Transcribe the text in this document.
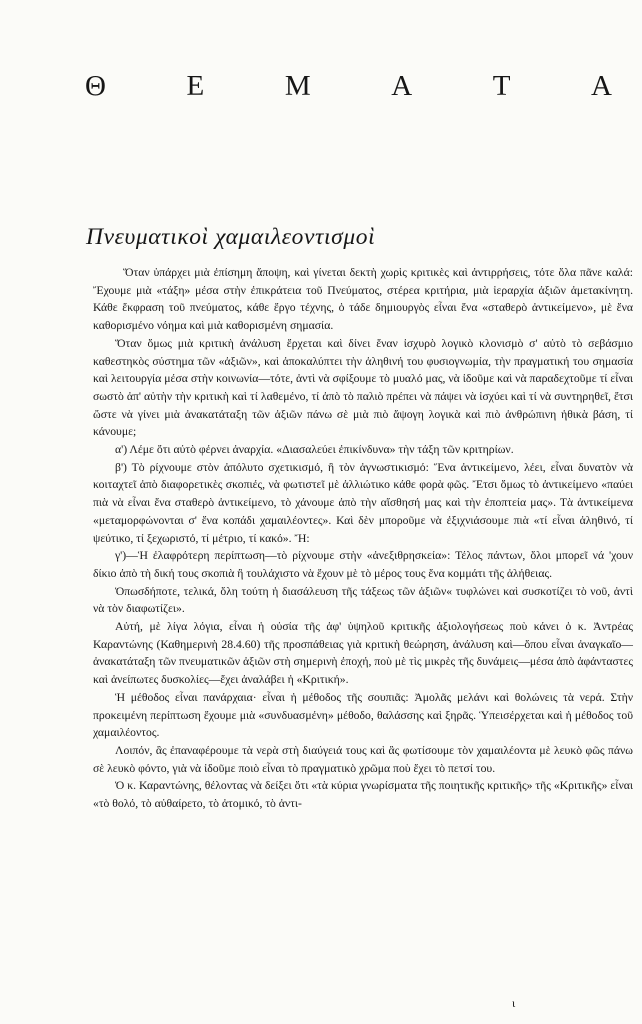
Θ	Ε	Μ	Α	Τ	Α
Πνευματικοὶ χαμαιλεοντισμοὶ

Ὅταν ὑπάρχει μιὰ ἐπίσημη ἄποψη, καὶ γίνεται δεκτὴ χωρὶς κριτικὲς καὶ ἀντιρρήσεις, τότε ὅλα πᾶνε καλά: Ἔχουμε μιὰ «τάξη» μέσα στὴν ἐπικράτεια τοῦ Πνεύματος, στέρεα κριτήρια, μιὰ ἱεραρχία ἀξιῶν ἀμετακίνητη. Κάθε ἔκφραση τοῦ πνεύματος, κάθε ἔργο τέχνης, ὁ τάδε δημιουργὸς εἶναι ἕνα «σταθερὸ ἀντικείμενο», μὲ ἕνα καθορισμένο νόημα καὶ μιὰ καθορισμένη σημασία.

Ὅταν ὅμως μιὰ κριτικὴ ἀνάλυση ἔρχεται καὶ δίνει ἕναν ἰσχυρὸ λογικὸ κλονισμὸ σ' αὐτὸ τὸ σεβάσμιο καθεστηκὸς σύστημα τῶν «ἀξιῶν», καὶ ἀποκαλύπτει τὴν ἀληθινή του φυσιογνωμία, τὴν πραγματική του σημασία καὶ λειτουργία μέσα στὴν κοινωνία—τότε, ἀντὶ νὰ σφίξουμε τὸ μυαλό μας, νὰ ἰδοῦμε καὶ νὰ παραδεχτοῦμε τί εἶναι σωστὸ ἀπ' αὐτὴν τὴν κριτικὴ καὶ τί λαθεμένο, τί ἀπὸ τὸ παλιὸ πρέπει νὰ πάψει νὰ ἰσχύει καὶ τί νὰ συντηρηθεῖ, ἔτσι ὥστε νὰ γίνει μιὰ ἀνακατάταξη τῶν ἀξιῶν πάνω σὲ μιὰ πιὸ ἄψογη λογικὰ καὶ πιὸ ἀνθρώπινη ἠθικὰ βάση, τί κάνουμε;

α') Λέμε ὅτι αὐτὸ φέρνει ἀναρχία. «Διασαλεύει ἐπικίνδυνα» τὴν τάξη τῶν κριτηρίων.

β') Τὸ ρίχνουμε στὸν ἀπόλυτο σχετικισμό, ἢ τὸν ἀγνωστικισμό: Ἕνα ἀντικείμενο, λέει, εἶναι δυνατὸν νὰ κοιταχτεῖ ἀπὸ διαφορετικὲς σκοπιές, νὰ φωτιστεῖ μὲ ἀλλιώτικο κάθε φορὰ φῶς. Ἔτσι ὅμως τὸ ἀντικείμενο «παύει πιὰ νὰ εἶναι ἕνα σταθερὸ ἀντικείμενο, τὸ χάνουμε ἀπὸ τὴν αἴσθησή μας καὶ τὴν ἐποπτεία μας». Τὰ ἀντικείμενα «μεταμορφώνονται σ' ἕνα κοπάδι χαμαιλέοντες». Καὶ δὲν μποροῦμε νὰ ἐξιχνιάσουμε πιὰ «τί εἶναι ἀληθινό, τί ψεύτικο, τί ξεχωριστό, τί μέτριο, τί κακό». Ἤ:

γ')—Ἡ ἐλαφρότερη περίπτωση—τὸ ρίχνουμε στὴν «ἀνεξιθρησκεία»: Τέλος πάντων, ὅλοι μπορεῖ νά 'χουν δίκιο ἀπὸ τὴ δική τους σκοπιὰ ἢ τουλάχιστο νὰ ἔχουν μὲ τὸ μέρος τους ἕνα κομμάτι τῆς ἀλήθειας.

Ὁπωσδήποτε, τελικά, ὅλη τούτη ἡ διασάλευση τῆς τάξεως τῶν ἀξιῶν« τυφλώνει καὶ συσκοτίζει τὸ νοῦ, ἀντὶ νὰ τὸν διαφωτίζει».

Αὐτή, μὲ λίγα λόγια, εἶναι ἡ οὐσία τῆς ἀφ' ὑψηλοῦ κριτικῆς ἀξιολογήσεως ποὺ κάνει ὁ κ. Ἀντρέας Καραντώνης (Καθημερινὴ 28.4.60) τῆς προσπάθειας γιὰ κριτικὴ θεώρηση, ἀνάλυση καὶ—ὅπου εἶναι ἀναγκαῖο—ἀνακατάταξη τῶν πνευματικῶν ἀξιῶν στὴ σημερινὴ ἐποχή, ποὺ μὲ τὶς μικρὲς τῆς δυνάμεις—μέσα ἀπὸ ἀφάνταστες καὶ ἀνείπωτες δυσκολίες—ἔχει ἀναλάβει ἡ «Κριτική».

Ἡ μέθοδος εἶναι πανάρχαια· εἶναι ἡ μέθοδος τῆς σουπιᾶς: Ἀμολᾶς μελάνι καὶ θολώνεις τὰ νερά. Στὴν προκειμένη περίπτωση ἔχουμε μιὰ «συνδυασμένη» μέθοδο, θαλάσσης καὶ ξηρᾶς. Ὑπεισέρχεται καὶ ἡ μέθοδος τοῦ χαμαιλέοντος.

Λοιπόν, ἂς ἐπαναφέρουμε τὰ νερὰ στὴ διαύγειά τους καὶ ἂς φωτίσουμε τὸν χαμαιλέοντα μὲ λευκὸ φῶς πάνω σὲ λευκὸ φόντο, γιὰ νὰ ἰδοῦμε ποιὸ εἶναι τὸ πραγματικὸ χρῶμα ποὺ ἔχει τὸ πετσί του.

Ὁ κ. Καραντώνης, θέλοντας νὰ δείξει ὅτι «τὰ κύρια γνωρίσματα τῆς ποιητικῆς κριτικῆς» τῆς «Κριτικῆς» εἶναι «τὸ θολό, τὸ αὐθαίρετο, τὸ ἀτομικό, τὸ ἀντι-

ι
